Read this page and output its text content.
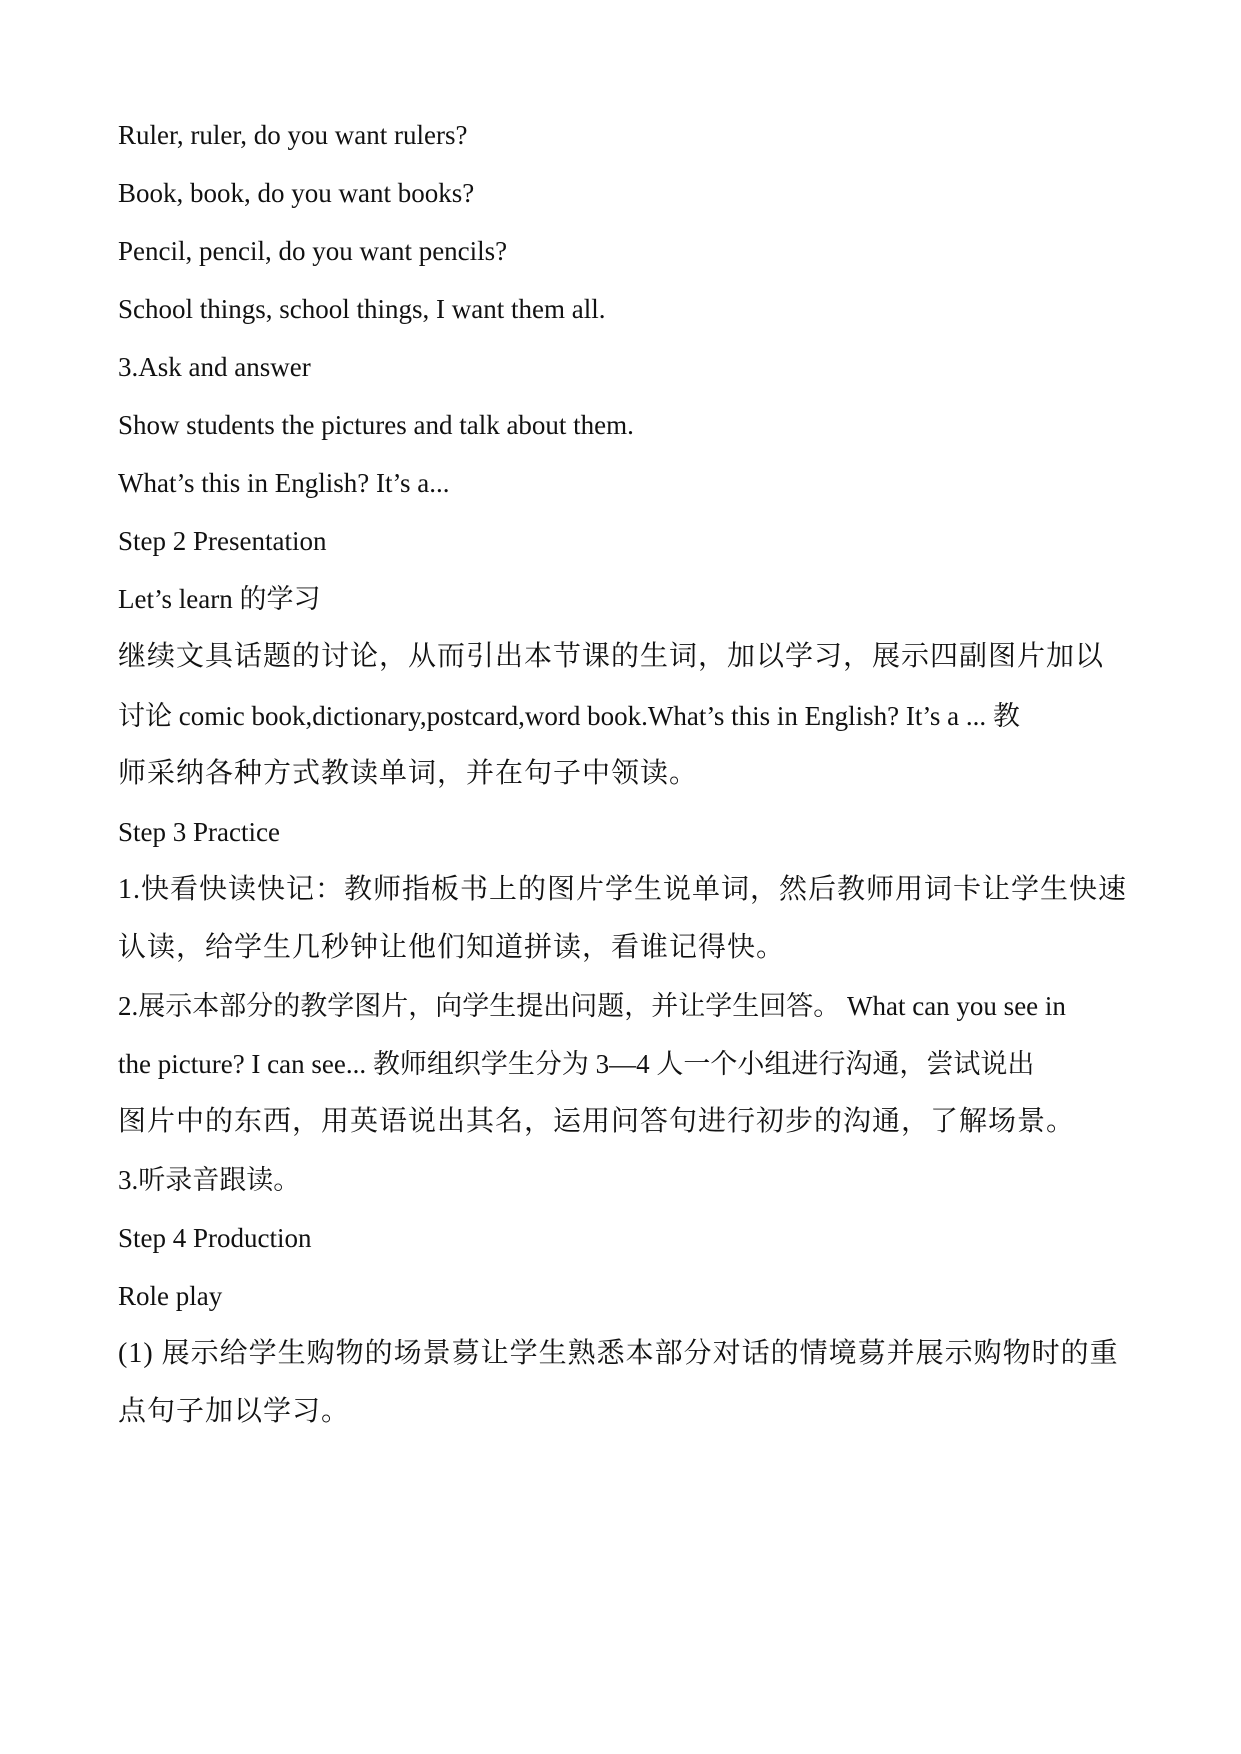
Ruler, ruler, do you want rulers?

Book, book, do you want books?

Pencil, pencil, do you want pencils?

School things, school things, I want them all.

3.Ask and answer

Show students the pictures and talk about them.

What’s this in English? It’s a...

Step 2 Presentation

Let’s learn 的学习

继续文具话题的讨论，从而引出本节课的生词，加以学习，展示四副图片加以

讨论 comic book,dictionary,postcard,word book.What’s this in English? It’s a ... 教

师采纳各种方式教读单词，并在句子中领读。

Step 3 Practice

1.快看快读快记：教师指板书上的图片学生说单词，然后教师用词卡让学生快速

认读，给学生几秒钟让他们知道拼读，看谁记得快。

2.展示本部分的教学图片，向学生提出问题，并让学生回答。 What can you see in

the picture? I can see... 教师组织学生分为 3—4 人一个小组进行沟通，尝试说出

图片中的东西，用英语说出其名，运用问答句进行初步的沟通，了解场景。

3.听录音跟读。

Step 4 Production

Role play

(1) 展示给学生购物的场景䓪让学生熟悉本部分对话的情境䓪并展示购物时的重

点句子加以学习。
